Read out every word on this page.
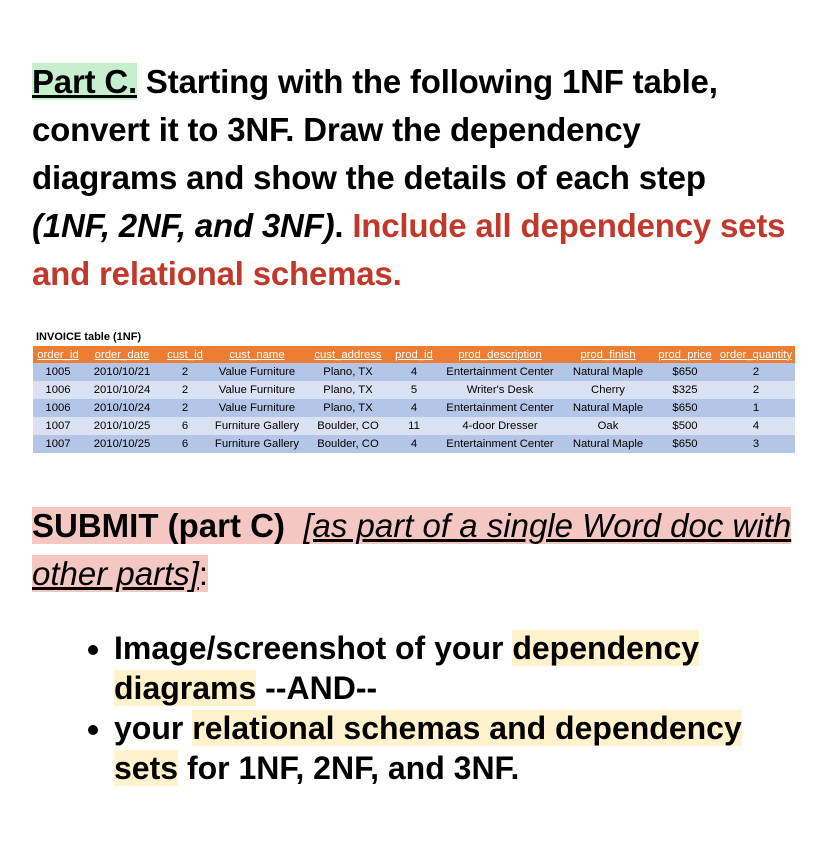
Part C. Starting with the following 1NF table, convert it to 3NF. Draw the dependency diagrams and show the details of each step (1NF, 2NF, and 3NF). Include all dependency sets and relational schemas.
INVOICE table (1NF)
order_id	order_date	cust_id	cust_name	cust_address	prod_id	prod_description	prod_finish	prod_price	order_quantity
1005	2010/10/21	2	Value Furniture	Plano, TX	4	Entertainment Center	Natural Maple	$650	2
1006	2010/10/24	2	Value Furniture	Plano, TX	5	Writer's Desk	Cherry	$325	2
1006	2010/10/24	2	Value Furniture	Plano, TX	4	Entertainment Center	Natural Maple	$650	1
1007	2010/10/25	6	Furniture Gallery	Boulder, CO	11	4-door Dresser	Oak	$500	4
1007	2010/10/25	6	Furniture Gallery	Boulder, CO	4	Entertainment Center	Natural Maple	$650	3
SUBMIT (part C) [as part of a single Word doc with other parts]:
• Image/screenshot of your dependency diagrams --AND--
• your relational schemas and dependency sets for 1NF, 2NF, and 3NF.
